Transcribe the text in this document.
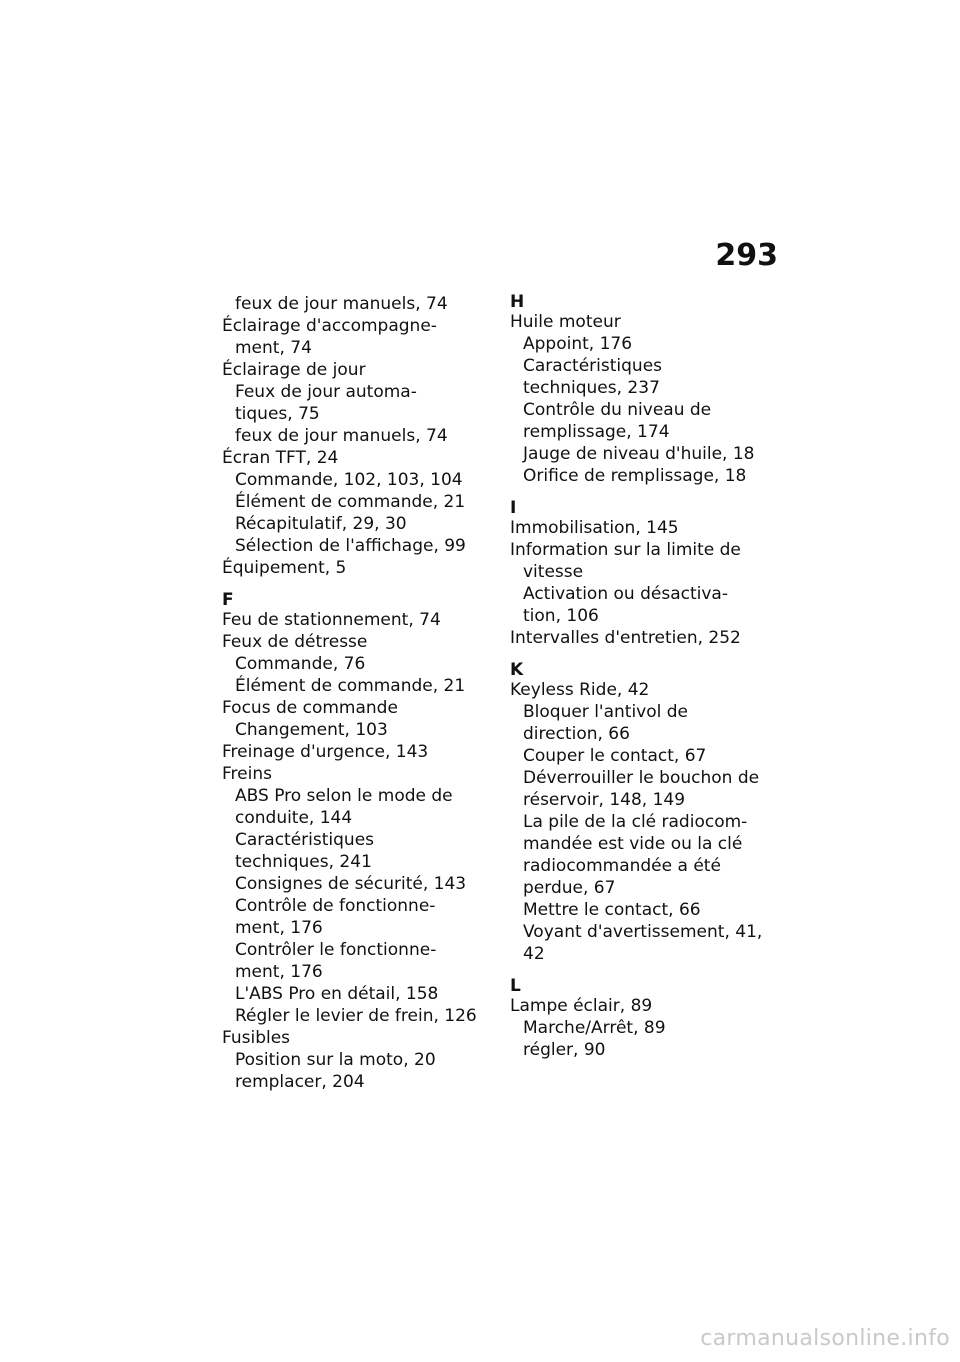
293
feux de jour manuels, 74
Éclairage d'accompagne-
ment, 74
Éclairage de jour
Feux de jour automa-
tiques, 75
feux de jour manuels, 74
Écran TFT, 24
Commande, 102, 103, 104
Élément de commande, 21
Récapitulatif, 29, 30
Sélection de l'affichage, 99
Équipement, 5
F
Feu de stationnement, 74
Feux de détresse
Commande, 76
Élément de commande, 21
Focus de commande
Changement, 103
Freinage d'urgence, 143
Freins
ABS Pro selon le mode de
conduite, 144
Caractéristiques
techniques, 241
Consignes de sécurité, 143
Contrôle de fonctionne-
ment, 176
Contrôler le fonctionne-
ment, 176
L'ABS Pro en détail, 158
Régler le levier de frein, 126
Fusibles
Position sur la moto, 20
remplacer, 204
H
Huile moteur
Appoint, 176
Caractéristiques
techniques, 237
Contrôle du niveau de
remplissage, 174
Jauge de niveau d'huile, 18
Orifice de remplissage, 18
I
Immobilisation, 145
Information sur la limite de
vitesse
Activation ou désactiva-
tion, 106
Intervalles d'entretien, 252
K
Keyless Ride, 42
Bloquer l'antivol de
direction, 66
Couper le contact, 67
Déverrouiller le bouchon de
réservoir, 148, 149
La pile de la clé radiocom-
mandée est vide ou la clé
radiocommandée a été
perdue, 67
Mettre le contact, 66
Voyant d'avertissement, 41,
42
L
Lampe éclair, 89
Marche/Arrêt, 89
régler, 90
carmanualsonline.info
